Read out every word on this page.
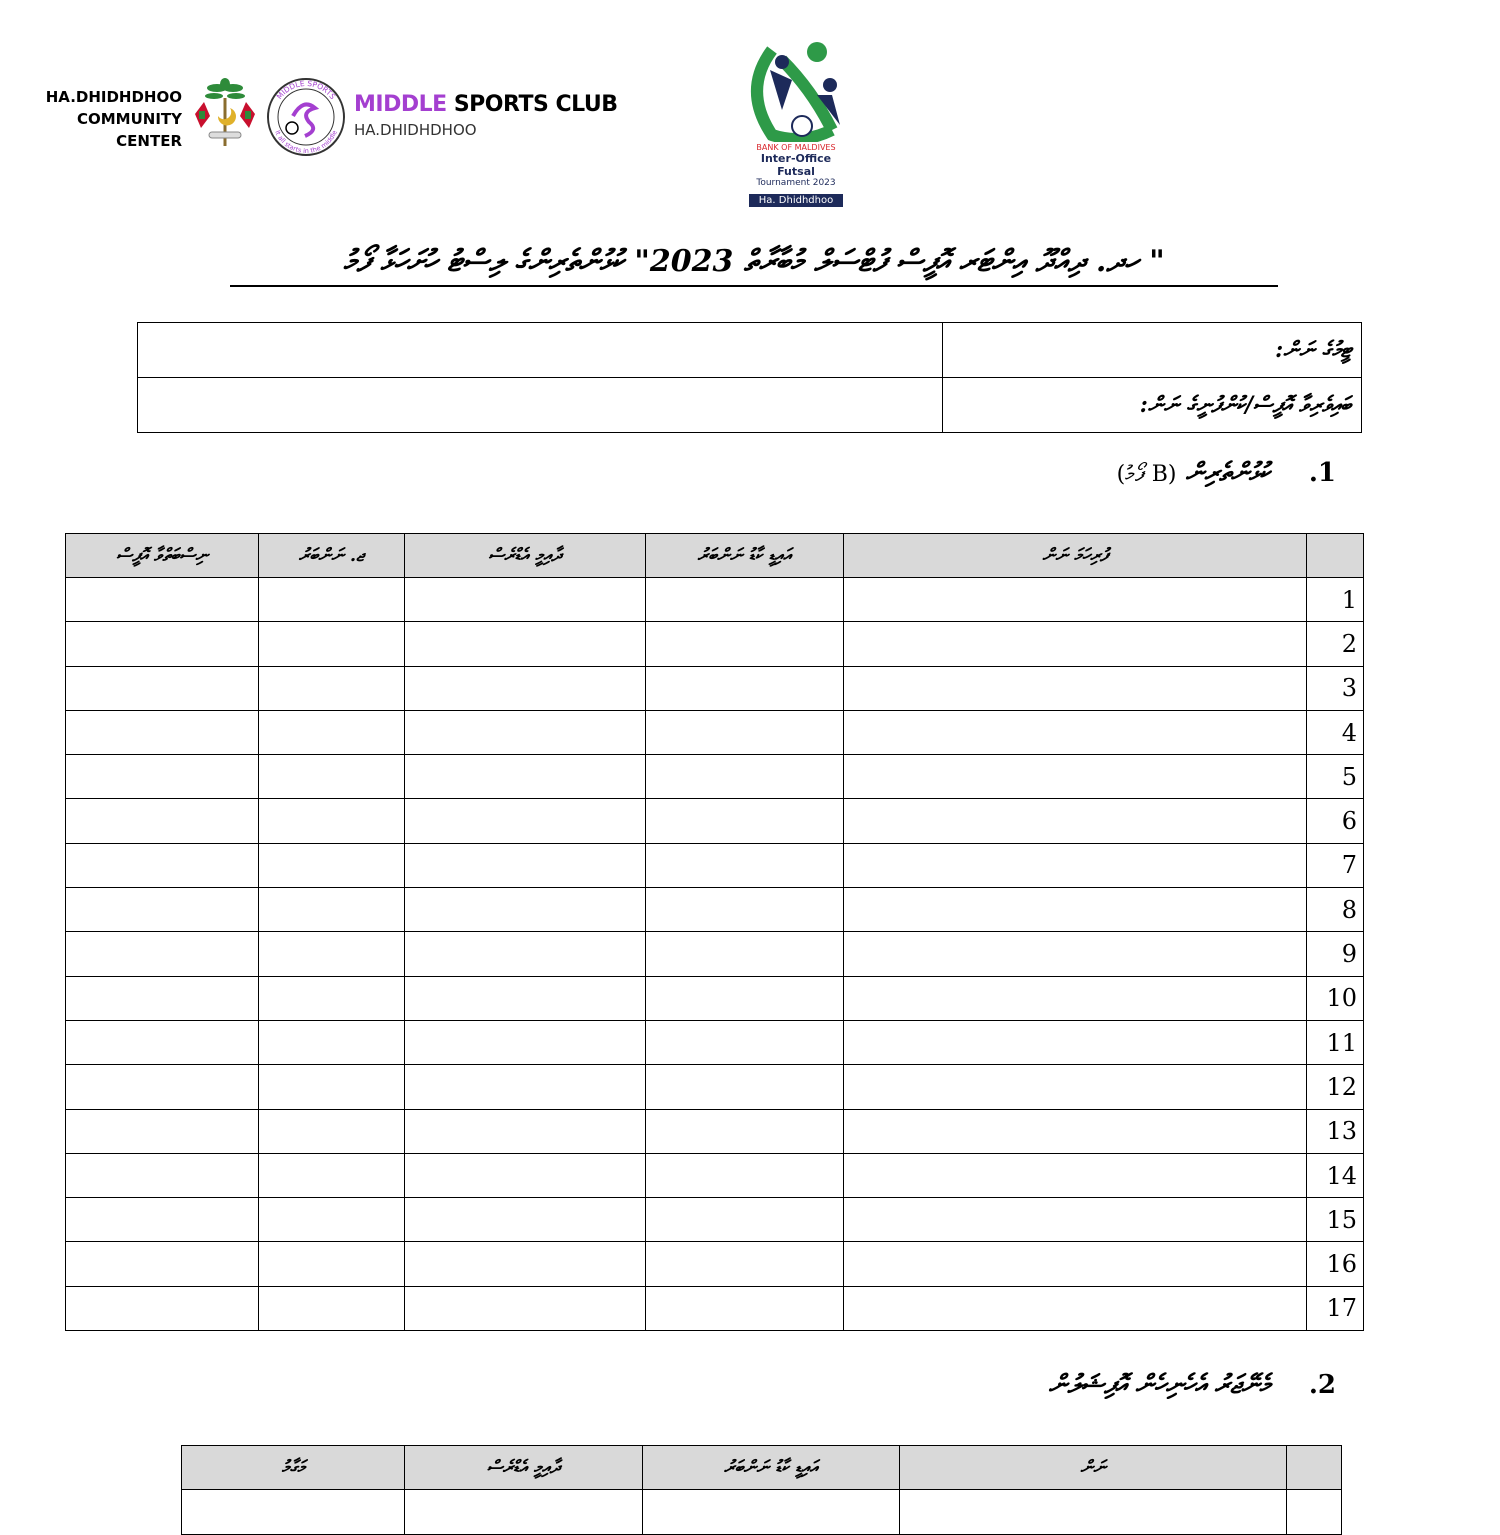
HA.DHIDHDHOO
COMMUNITY
CENTER
MIDDLE SPORTS
It all starts in the middle
MIDDLE SPORTS CLUB
HA.DHIDHDHOO
BANK OF MALDIVES
Inter-Office Futsal
Tournament 2023
Ha. Dhidhdhoo
" ހދ. ދިއްދޫ އިންޓަރ އޮފީސް ފުޓްސަލް މުބާރާތް 2023" ކުޅުންތެރިންގެ ލިސްޓު ހުށަހަޅާ ފޯމު
ޓީމުގެ ނަން:	
ބައިވެރިވާ އޮފީސް/ކުންފުނީގެ ނަން:	
1. ކުޅުންތެރިން (B ފޯމު)
	ފުރިހަމަ ނަން	އައިޑީ ކާޑު ނަންބަރު	ދާއިމީ އެޑްރެސް	ޖ. ނަންބަރު	ނިސްބަތްވާ އޮފީސް
1					
2					
3					
4					
5					
6					
7					
8					
9					
10					
11					
12					
13					
14					
15					
16					
17					
2. މެނޭޖަރު އެހެނިހެން އޮފިޝަލުން
	ނަން	އައިޑީ ކާޑު ނަންބަރު	ދާއިމީ އެޑްރެސް	މަގާމު
